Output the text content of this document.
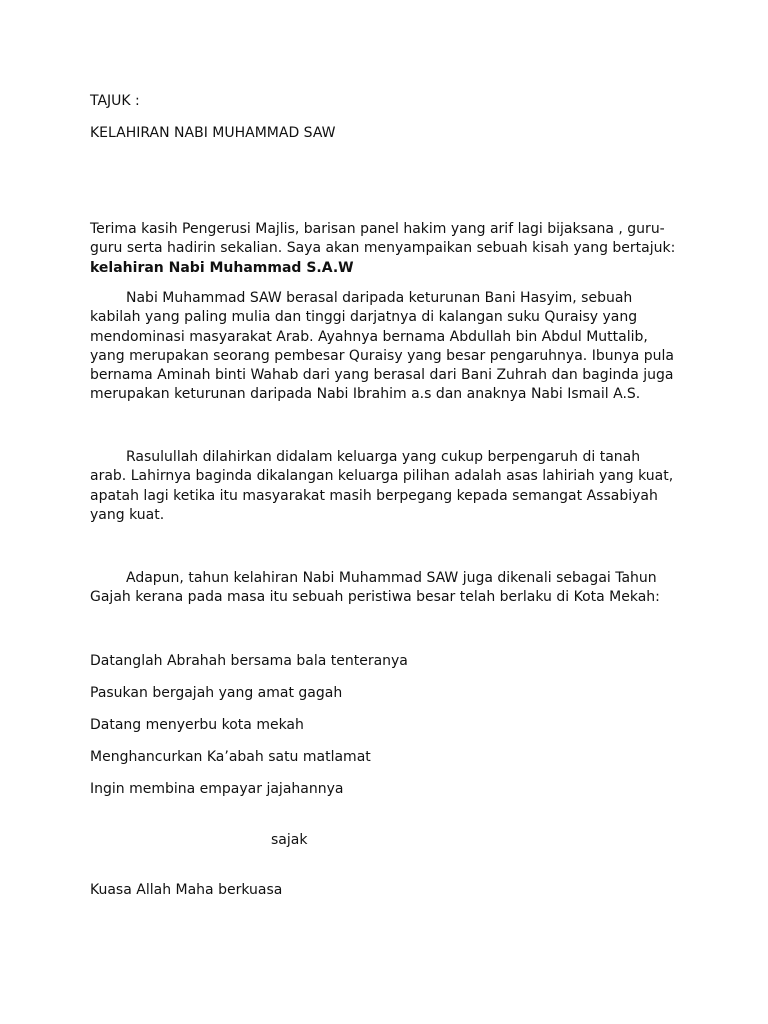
TAJUK :
KELAHIRAN NABI MUHAMMAD SAW
Terima kasih Pengerusi Majlis, barisan panel hakim yang arif lagi bijaksana , guru-guru serta hadirin sekalian. Saya akan menyampaikan sebuah kisah yang bertajuk: kelahiran Nabi Muhammad S.A.W
Nabi Muhammad SAW berasal daripada keturunan Bani Hasyim, sebuah kabilah yang paling mulia dan tinggi darjatnya di kalangan suku Quraisy yang mendominasi masyarakat Arab. Ayahnya bernama Abdullah bin Abdul Muttalib, yang merupakan seorang pembesar Quraisy yang besar pengaruhnya. Ibunya pula bernama Aminah binti Wahab dari yang berasal dari Bani Zuhrah dan baginda juga merupakan keturunan daripada Nabi Ibrahim a.s dan anaknya Nabi Ismail A.S.
Rasulullah dilahirkan didalam keluarga yang cukup berpengaruh di tanah arab. Lahirnya baginda dikalangan keluarga pilihan adalah asas lahiriah yang kuat, apatah lagi ketika itu masyarakat masih berpegang kepada semangat Assabiyah yang kuat.
Adapun, tahun kelahiran Nabi Muhammad SAW juga dikenali sebagai Tahun Gajah kerana pada masa itu sebuah peristiwa besar telah berlaku di Kota Mekah:
Datanglah Abrahah bersama bala tenteranya
Pasukan bergajah yang amat gagah
Datang menyerbu kota mekah
Menghancurkan Ka’abah satu matlamat
Ingin membina empayar jajahannya
sajak
Kuasa Allah Maha berkuasa
